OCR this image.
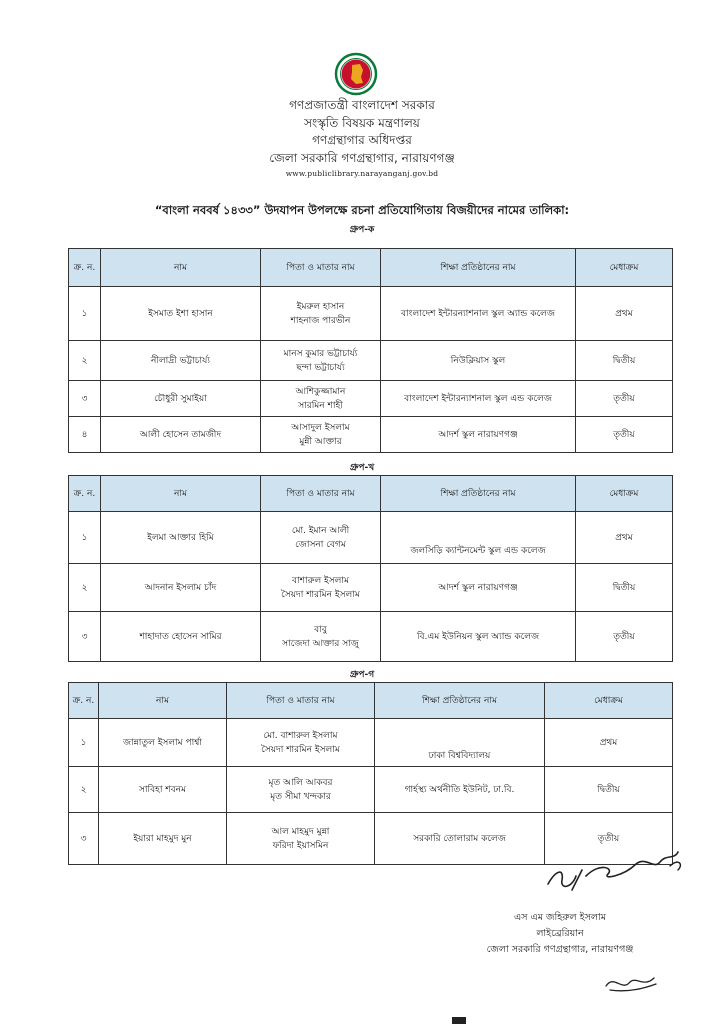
গণপ্রজাতন্ত্রী বাংলাদেশ সরকার
সংস্কৃতি বিষয়ক মন্ত্রণালয়
গণগ্রন্থাগার অধিদপ্তর
জেলা সরকারি গণগ্রন্থাগার, নারায়ণগঞ্জ
www.publiclibrary.narayanganj.gov.bd
“বাংলা নববর্ষ ১৪৩৩” উদযাপন উপলক্ষে রচনা প্রতিযোগিতায় বিজয়ীদের নামের তালিকা:
গ্রুপ-ক
ক্র. ন.	নাম	পিতা ও মাতার নাম	শিক্ষা প্রতিষ্ঠানের নাম	মেধাক্রম
১	ইসমাত ইশা হাসান	ইমরুল হাসান
শাহনাজ পারভীন	বাংলাদেশ ইন্টারন্যাশনাল স্কুল অ্যান্ড কলেজ	প্রথম
২	নীলাদ্রী ভট্টাচার্য্য	মানস কুমার ভট্টাচার্য্য
ছন্দা ভট্টাচার্য্য	নিউক্লিয়াস স্কুল	দ্বিতীয়
৩	চৌধুরী সুমাইয়া	আশিকুজ্জামান
সারমিন শাহী	বাংলাদেশ ইন্টারন্যাশনাল স্কুল এন্ড কলেজ	তৃতীয়
৪	আলী হোসেন তামজীদ	আসাদুল ইসলাম
মুন্নী আক্তার	আদর্শ স্কুল নারায়ণগঞ্জ	তৃতীয়
গ্রুপ-খ
ক্র. ন.	নাম	পিতা ও মাতার নাম	শিক্ষা প্রতিষ্ঠানের নাম	মেধাক্রম
১	ইলমা আক্তার হিমি	মো. ইমান আলী
জোসনা বেগম	জলসিড়ি ক্যান্টনমেন্ট স্কুল এন্ড কলেজ	প্রথম
২	আদনান ইসলাম চাঁদ	বাশারুল ইসলাম
সৈয়দা শারমিন ইসলাম	আদর্শ স্কুল নারায়ণগঞ্জ	দ্বিতীয়
৩	শাহাদাত হোসেন সামির	বাবু
সাজেদা আক্তার সাজু	বি.এম ইউনিয়ন স্কুল অ্যান্ড কলেজ	তৃতীয়
গ্রুপ-গ
ক্র. ন.	নাম	পিতা ও মাতার নাম	শিক্ষা প্রতিষ্ঠানের নাম	মেধাক্রম
১	জান্নাতুল ইসলাম পার্শ্বা	মো. বাশারুল ইসলাম
সৈয়দা শারমিন ইসলাম	ঢাকা বিশ্ববিদ্যালয়	প্রথম
২	সাবিহা শবনম	মৃত আলি আকবর
মৃত সীমা খন্দকার	গার্হস্থ্য অর্থনীতি ইউনিট, ঢা.বি.	দ্বিতীয়
৩	ইয়ারা মাহমুদ মুন	আল মাহমুদ মুন্না
ফরিদা ইয়াসমিন	সরকারি তোলারাম কলেজ	তৃতীয়
এস এম জহিরুল ইসলাম
লাইব্রেরিয়ান
জেলা সরকারি গণগ্রন্থাগার, নারায়ণগঞ্জ
